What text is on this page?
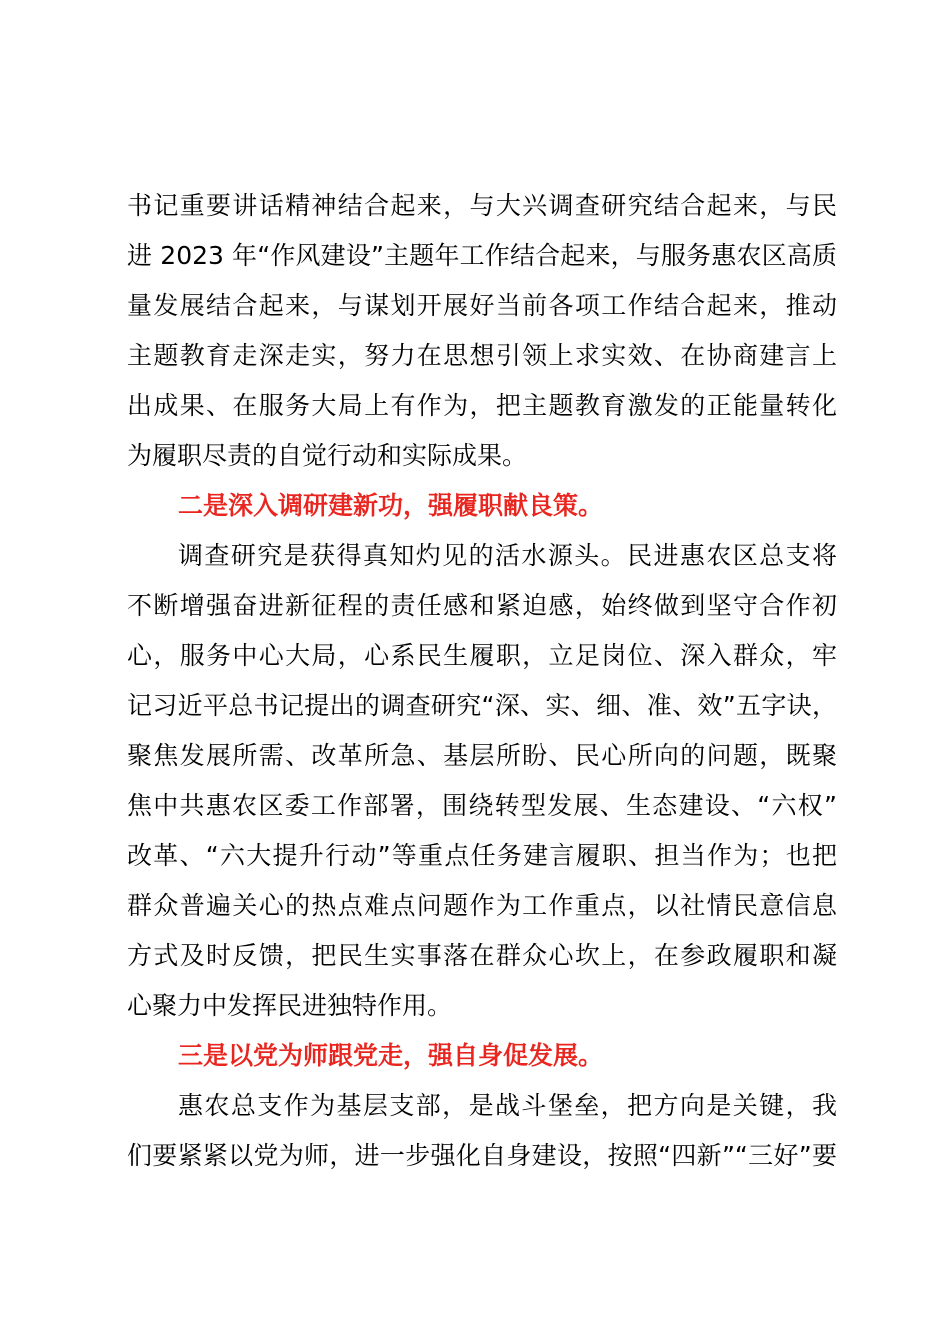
书记重要讲话精神结合起来，与大兴调查研究结合起来，与民
进 2023 年“作风建设”主题年工作结合起来，与服务惠农区高质
量发展结合起来，与谋划开展好当前各项工作结合起来，推动
主题教育走深走实，努力在思想引领上求实效、在协商建言上
出成果、在服务大局上有作为，把主题教育激发的正能量转化
为履职尽责的自觉行动和实际成果。
二是深入调研建新功，强履职献良策。
调查研究是获得真知灼见的活水源头。民进惠农区总支将
不断增强奋进新征程的责任感和紧迫感，始终做到坚守合作初
心，服务中心大局，心系民生履职，立足岗位、深入群众，牢
记习近平总书记提出的调查研究“深、实、细、准、效”五字诀，
聚焦发展所需、改革所急、基层所盼、民心所向的问题，既聚
焦中共惠农区委工作部署，围绕转型发展、生态建设、“六权”
改革、“六大提升行动”等重点任务建言履职、担当作为；也把
群众普遍关心的热点难点问题作为工作重点，以社情民意信息
方式及时反馈，把民生实事落在群众心坎上，在参政履职和凝
心聚力中发挥民进独特作用。
三是以党为师跟党走，强自身促发展。
惠农总支作为基层支部，是战斗堡垒，把方向是关键，我
们要紧紧以党为师，进一步强化自身建设，按照“四新”“三好”要
